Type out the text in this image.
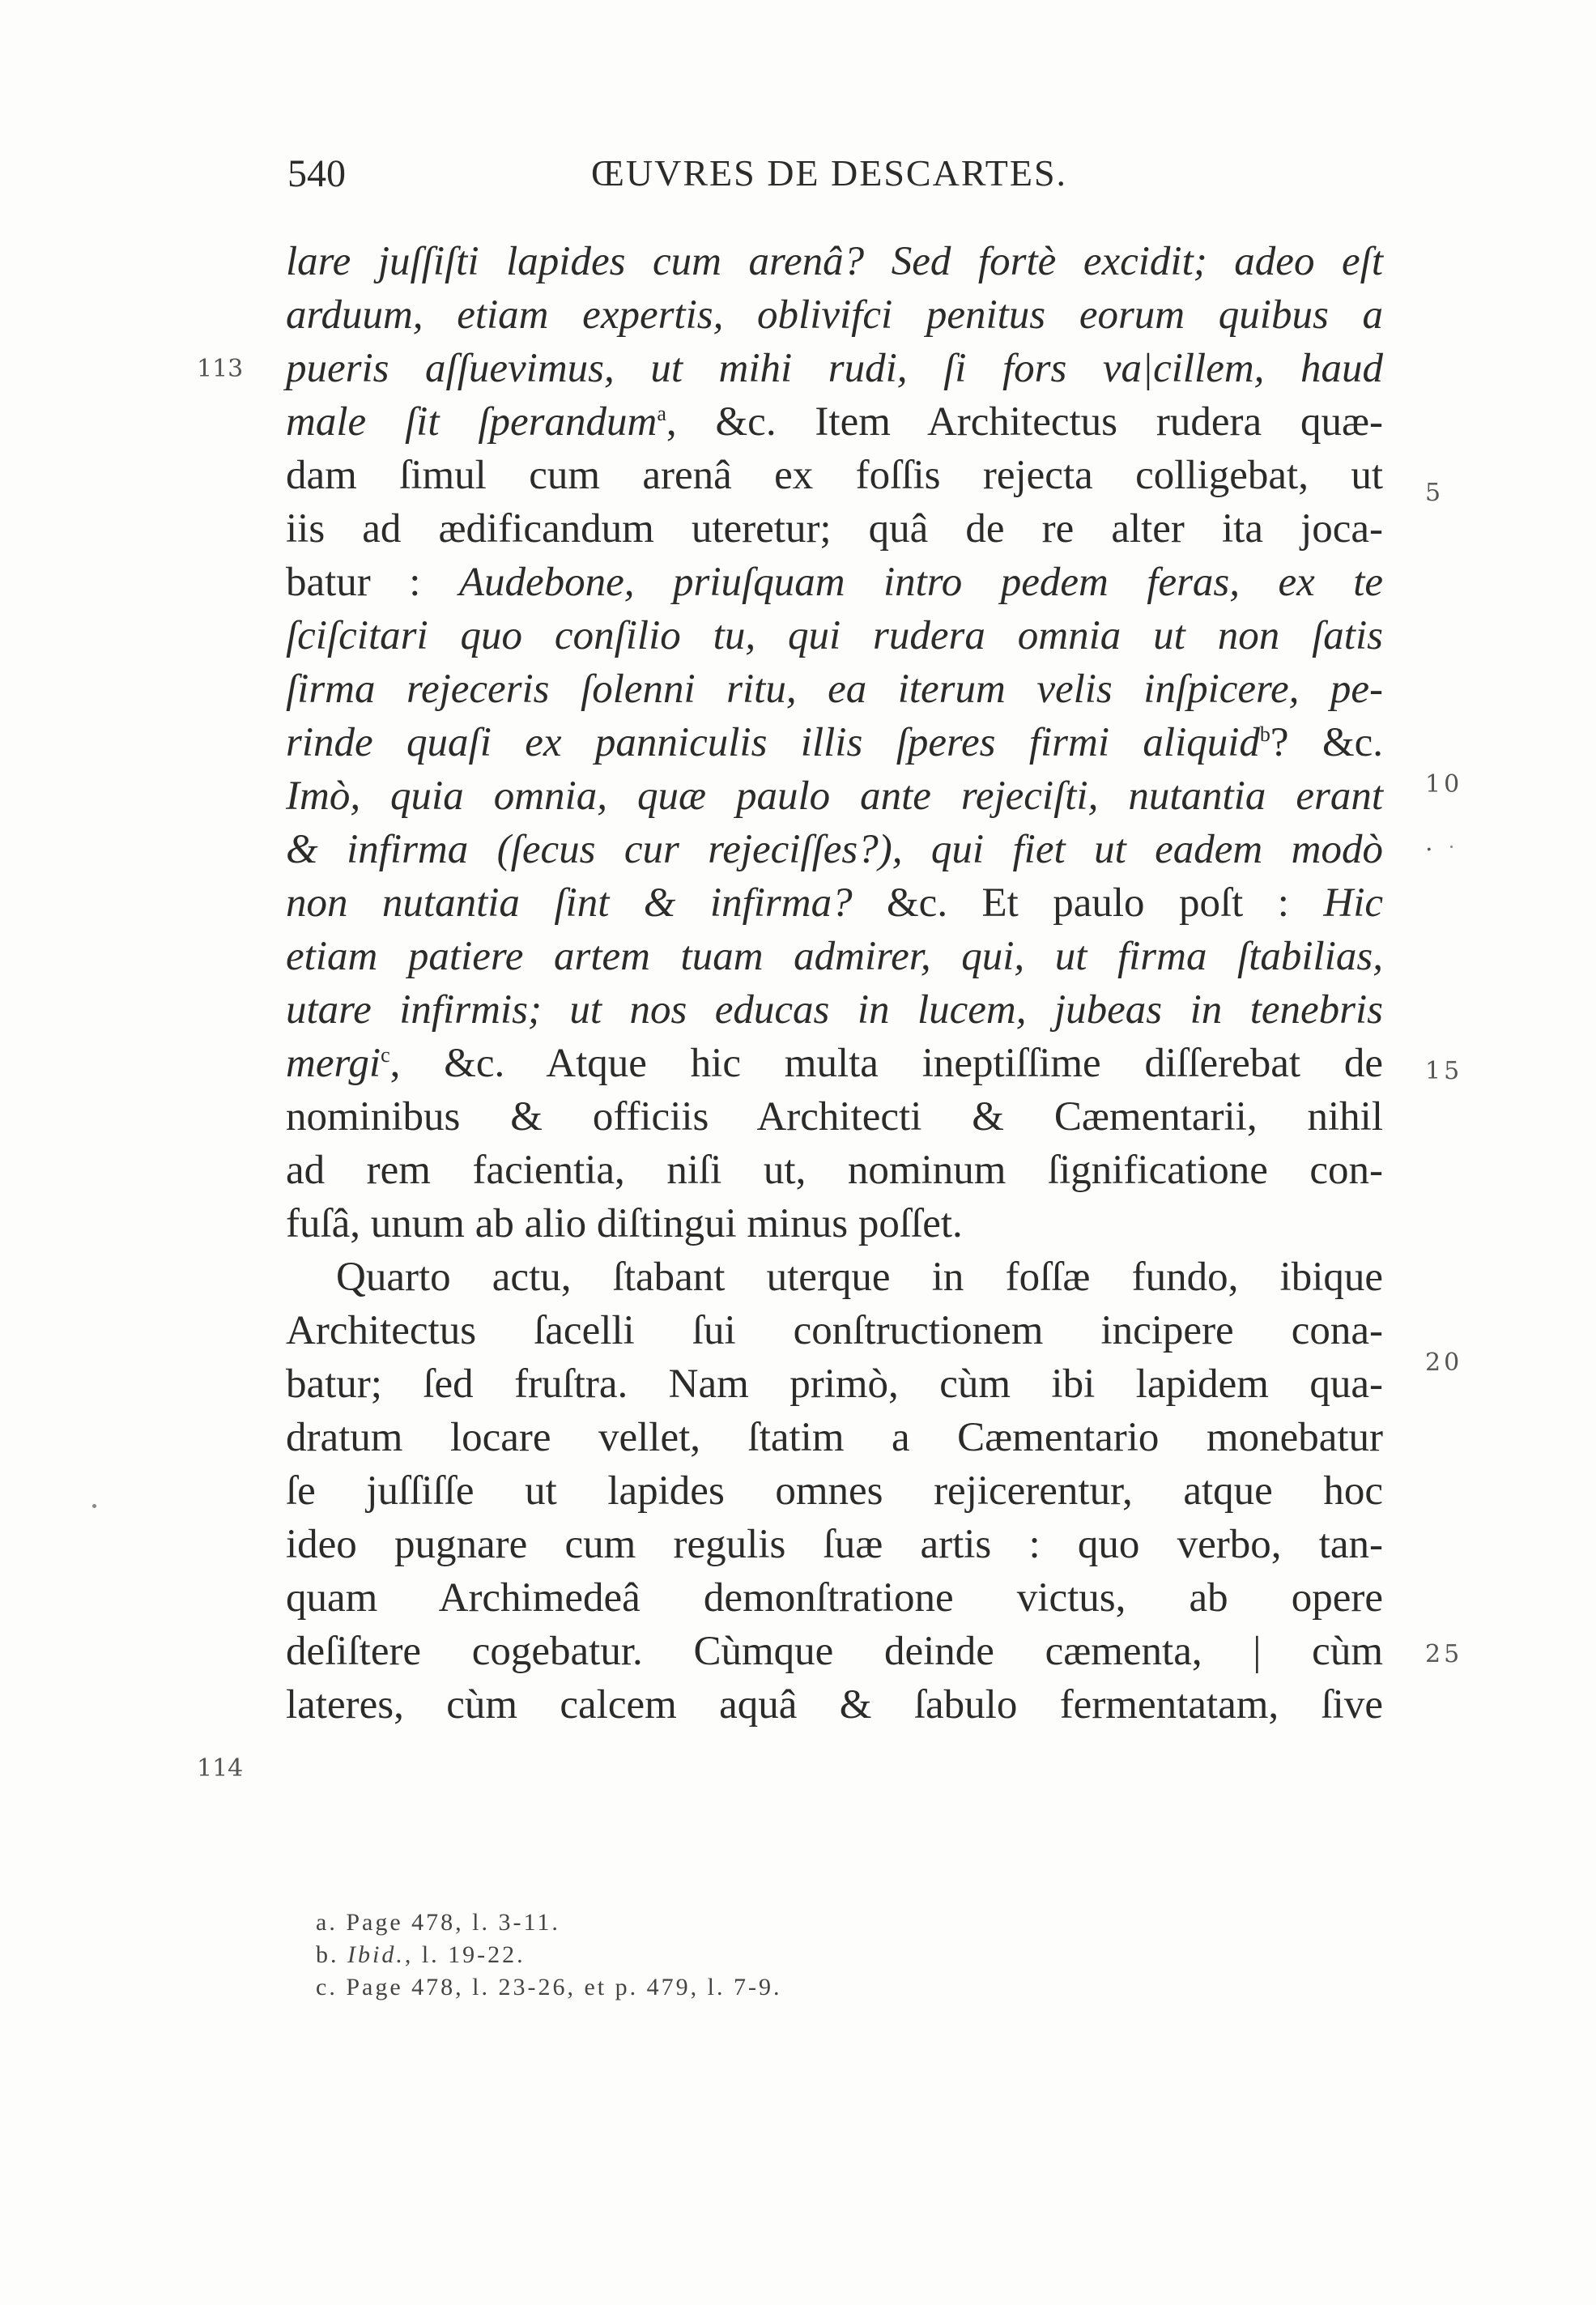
540	ŒUVRES DE DESCARTES.
lare juſſiſti lapides cum arenâ? Sed fortè excidit; adeo eſt
arduum, etiam expertis, oblivifci penitus eorum quibus a
pueris aſſuevimus, ut mihi rudi, ſi fors va|cillem, haud
male ſit ſperandum$^a$, &c. Item Architectus rudera quæ-
dam ſimul cum arenâ ex foſſis rejecta colligebat, ut
iis ad ædificandum uteretur; quâ de re alter ita joca-
batur : Audebone, priuſquam intro pedem feras, ex te
ſciſcitari quo conſilio tu, qui rudera omnia ut non ſatis
ſirma rejeceris ſolenni ritu, ea iterum velis inſpicere, pe-
rinde quaſi ex panniculis illis ſperes firmi aliquid$^b$? &c.
Imò, quia omnia, quæ paulo ante rejeciſti, nutantia erant
& infirma (ſecus cur rejeciſſes?), qui fiet ut eadem modò
non nutantia ſint & infirma? &c. Et paulo poſt : Hic
etiam patiere artem tuam admirer, qui, ut firma ſtabilias,
utare infirmis; ut nos educas in lucem, jubeas in tenebris
mergi$^c$, &c. Atque hic multa ineptiſſime diſſerebat de
nominibus & officiis Architecti & Cæmentarii, nihil
ad rem facientia, niſi ut, nominum ſignificatione con-
fuſâ, unum ab alio diſtingui minus poſſet.
Quarto actu, ſtabant uterque in foſſæ fundo, ibique
Architectus ſacelli ſui conſtructionem incipere cona-
batur; ſed fruſtra. Nam primò, cùm ibi lapidem qua-
dratum locare vellet, ſtatim a Cæmentario monebatur
ſe juſſiſſe ut lapides omnes rejicerentur, atque hoc
ideo pugnare cum regulis ſuæ artis : quo verbo, tan-
quam Archimedeâ demonſtratione victus, ab opere
deſiſtere cogebatur. Cùmque deinde cæmenta, | cùm
lateres, cùm calcem aquâ & ſabulo fermentatam, ſive
5
10
.
15
20
25
113
114
a. Page 478, l. 3-11.
b. Ibid., l. 19-22.
c. Page 478, l. 23-26, et p. 479, l. 7-9.
